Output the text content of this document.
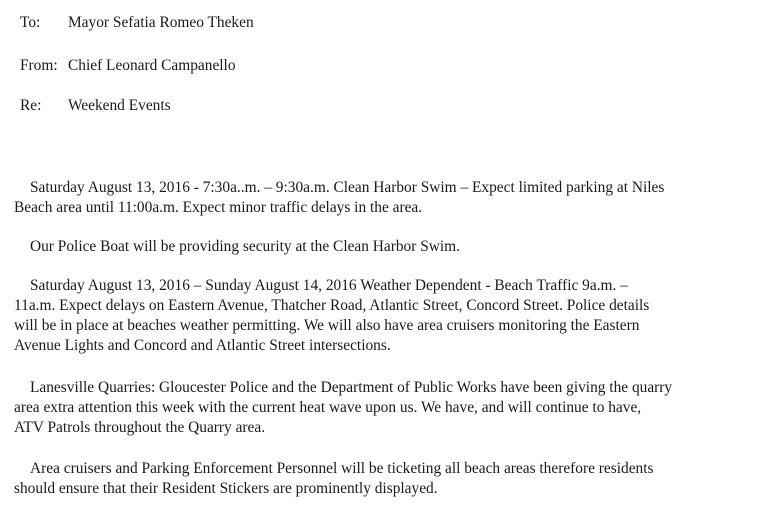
To: Mayor Sefatia Romeo Theken
From: Chief Leonard Campanello
Re: Weekend Events

Saturday August 13, 2016 - 7:30a..m. – 9:30a.m. Clean Harbor Swim – Expect limited parking at Niles

Beach area until 11:00a.m. Expect minor traffic delays in the area.

Our Police Boat will be providing security at the Clean Harbor Swim.

Saturday August 13, 2016 – Sunday August 14, 2016 Weather Dependent - Beach Traffic 9a.m. –

11a.m. Expect delays on Eastern Avenue, Thatcher Road, Atlantic Street, Concord Street. Police details

will be in place at beaches weather permitting. We will also have area cruisers monitoring the Eastern

Avenue Lights and Concord and Atlantic Street intersections.

Lanesville Quarries: Gloucester Police and the Department of Public Works have been giving the quarry

area extra attention this week with the current heat wave upon us. We have, and will continue to have,

ATV Patrols throughout the Quarry area.

Area cruisers and Parking Enforcement Personnel will be ticketing all beach areas therefore residents

should ensure that their Resident Stickers are prominently displayed.
